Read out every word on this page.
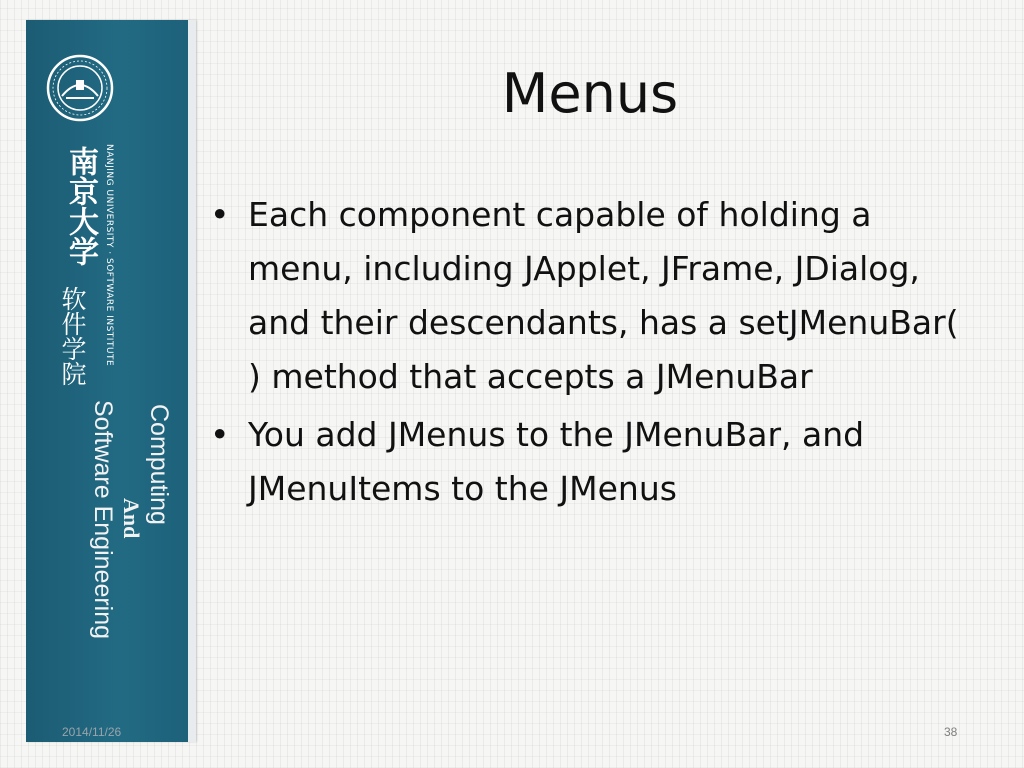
南京大学 NANJING UNIVERSITY · SOFTWARE INSTITUTE
软件学院
Computing
And
Software Engineering
Menus
• Each component capable of holding a menu, including JApplet, JFrame, JDialog, and their descendants, has a setJMenuBar( ) method that accepts a JMenuBar
• You add JMenus to the JMenuBar, and JMenuItems to the JMenus
2014/11/26	38
